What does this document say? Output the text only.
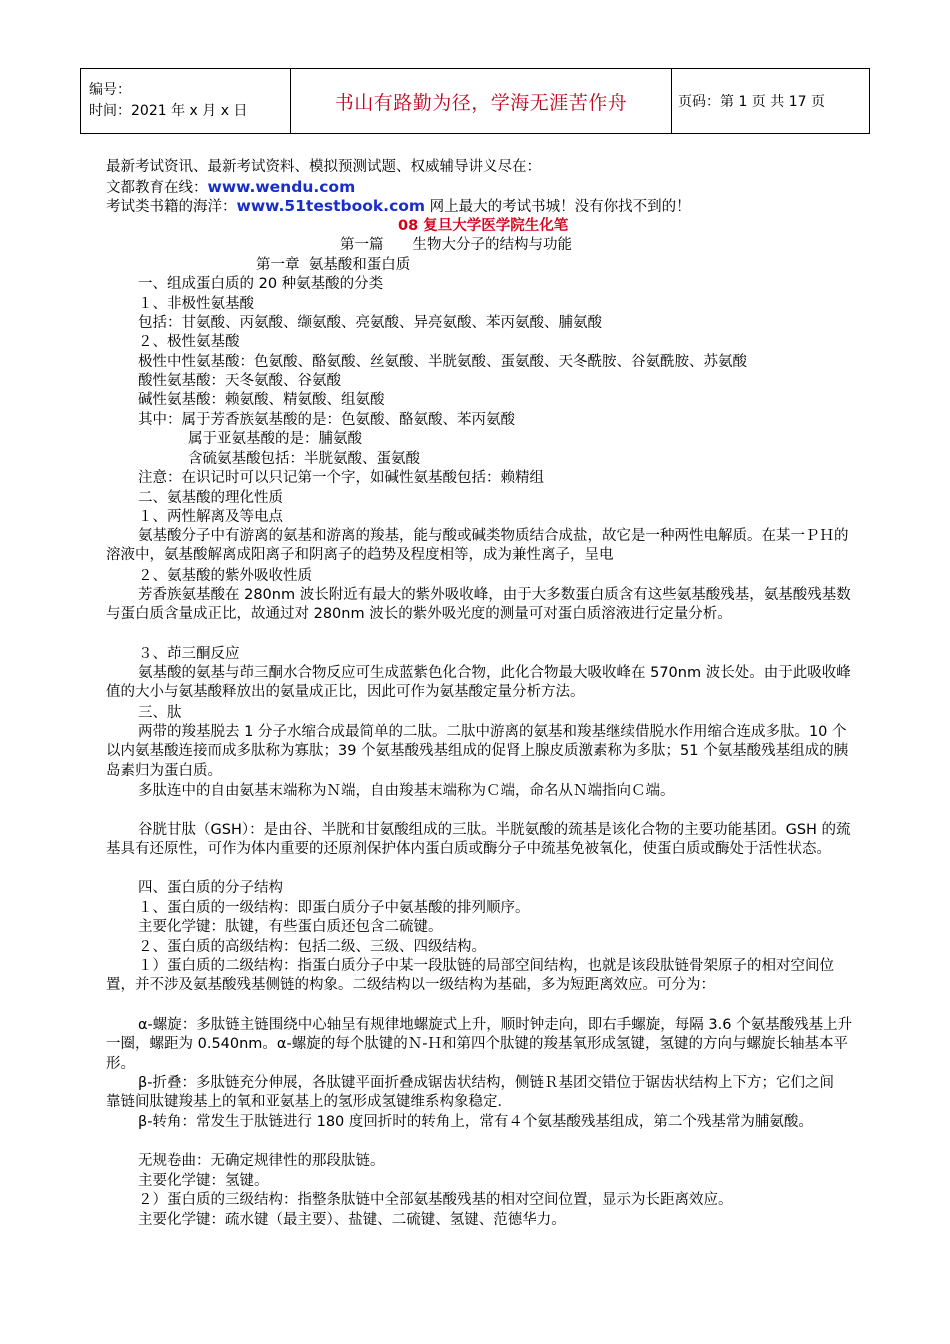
编号：
时间：2021 年 x 月 x 日	书山有路勤为径，学海无涯苦作舟	页码：第 1 页 共 17 页
最新考试资讯、最新考试资料、模拟预测试题、权威辅导讲义尽在：
文都教育在线：www.wendu.com
考试类书籍的海洋：www.51testbook.com 网上最大的考试书城！没有你找不到的！
08 复旦大学医学院生化笔
第一篇　　生物大分子的结构与功能
第一章  氨基酸和蛋白质
一、组成蛋白质的 20 种氨基酸的分类
１、非极性氨基酸
包括：甘氨酸、丙氨酸、缬氨酸、亮氨酸、异亮氨酸、苯丙氨酸、脯氨酸
２、极性氨基酸
极性中性氨基酸：色氨酸、酪氨酸、丝氨酸、半胱氨酸、蛋氨酸、天冬酰胺、谷氨酰胺、苏氨酸
酸性氨基酸：天冬氨酸、谷氨酸
碱性氨基酸：赖氨酸、精氨酸、组氨酸
其中：属于芳香族氨基酸的是：色氨酸、酪氨酸、苯丙氨酸
属于亚氨基酸的是：脯氨酸
含硫氨基酸包括：半胱氨酸、蛋氨酸
注意：在识记时可以只记第一个字，如碱性氨基酸包括：赖精组
二、氨基酸的理化性质
１、两性解离及等电点
氨基酸分子中有游离的氨基和游离的羧基，能与酸或碱类物质结合成盐，故它是一种两性电解质。在某一ＰＨ的溶液中，氨基酸解离成阳离子和阴离子的趋势及程度相等，成为兼性离子，呈电
２、氨基酸的紫外吸收性质
芳香族氨基酸在 280nm 波长附近有最大的紫外吸收峰，由于大多数蛋白质含有这些氨基酸残基，氨基酸残基数与蛋白质含量成正比，故通过对 280nm 波长的紫外吸光度的测量可对蛋白质溶液进行定量分析。
３、茚三酮反应
氨基酸的氨基与茚三酮水合物反应可生成蓝紫色化合物，此化合物最大吸收峰在 570nm 波长处。由于此吸收峰值的大小与氨基酸释放出的氨量成正比，因此可作为氨基酸定量分析方法。
三、肽
两带的羧基脱去 1 分子水缩合成最简单的二肽。二肽中游离的氨基和羧基继续借脱水作用缩合连成多肽。10 个以内氨基酸连接而成多肽称为寡肽；39 个氨基酸残基组成的促肾上腺皮质激素称为多肽；51 个氨基酸残基组成的胰岛素归为蛋白质。
多肽连中的自由氨基末端称为Ｎ端，自由羧基末端称为Ｃ端，命名从Ｎ端指向Ｃ端。
谷胱甘肽（GSH）：是由谷、半胱和甘氨酸组成的三肽。半胱氨酸的巯基是该化合物的主要功能基团。GSH 的巯基具有还原性，可作为体内重要的还原剂保护体内蛋白质或酶分子中巯基免被氧化，使蛋白质或酶处于活性状态。
四、蛋白质的分子结构
１、蛋白质的一级结构：即蛋白质分子中氨基酸的排列顺序。
主要化学键：肽键，有些蛋白质还包含二硫键。
２、蛋白质的高级结构：包括二级、三级、四级结构。
１）蛋白质的二级结构：指蛋白质分子中某一段肽链的局部空间结构，也就是该段肽链骨架原子的相对空间位置，并不涉及氨基酸残基侧链的构象。二级结构以一级结构为基础，多为短距离效应。可分为：
α-螺旋：多肽链主链围绕中心轴呈有规律地螺旋式上升，顺时钟走向，即右手螺旋，每隔 3.6 个氨基酸残基上升一圈，螺距为 0.540nm。α-螺旋的每个肽键的Ｎ-Ｈ和第四个肽键的羧基氧形成氢键，氢键的方向与螺旋长轴基本平形。
β-折叠：多肽链充分伸展，各肽键平面折叠成锯齿状结构，侧链Ｒ基团交错位于锯齿状结构上下方；它们之间靠链间肽键羧基上的氧和亚氨基上的氢形成氢键维系构象稳定．
β-转角：常发生于肽链进行 180 度回折时的转角上，常有４个氨基酸残基组成，第二个残基常为脯氨酸。
无规卷曲：无确定规律性的那段肽链。
主要化学键：氢键。
２）蛋白质的三级结构：指整条肽链中全部氨基酸残基的相对空间位置，显示为长距离效应。
主要化学键：疏水键（最主要）、盐键、二硫键、氢键、范德华力。
